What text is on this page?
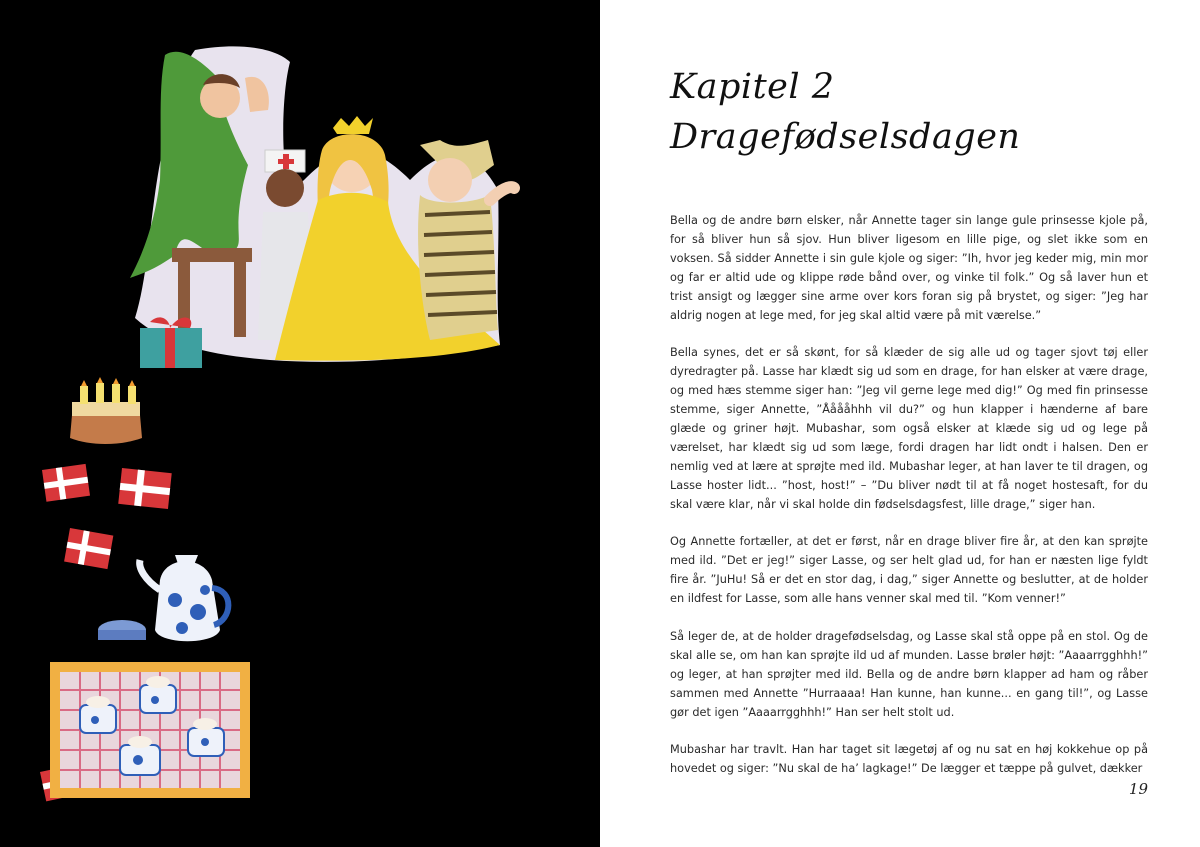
Kapitel 2
Dragefødselsdagen

Bella og de andre børn elsker, når Annette tager sin lange gule prinsesse kjole på, for så bliver hun så sjov. Hun bliver ligesom en lille pige, og slet ikke som en voksen. Så sidder Annette i sin gule kjole og siger: ”Ih, hvor jeg keder mig, min mor og far er altid ude og klippe røde bånd over, og vinke til folk.” Og så laver hun et trist ansigt og lægger sine arme over kors foran sig på brystet, og siger: ”Jeg har aldrig nogen at lege med, for jeg skal altid være på mit værelse.”

Bella synes, det er så skønt, for så klæder de sig alle ud og tager sjovt tøj eller dyredragter på. Lasse har klædt sig ud som en drage, for han elsker at være drage, og med hæs stemme siger han: ”Jeg vil gerne lege med dig!” Og med fin prinsesse stemme, siger Annette, ”Ååååhhh vil du?” og hun klapper i hænderne af bare glæde og griner højt. Mubashar, som også elsker at klæde sig ud og lege på værelset, har klædt sig ud som læge, fordi dragen har lidt ondt i halsen. Den er nemlig ved at lære at sprøjte med ild. Mubashar leger, at han laver te til dragen, og Lasse hoster lidt... ”host, host!” – ”Du bliver nødt til at få noget hostesaft, for du skal være klar, når vi skal holde din fødselsdagsfest, lille drage,” siger han.

Og Annette fortæller, at det er først, når en drage bliver fire år, at den kan sprøjte med ild. ”Det er jeg!” siger Lasse, og ser helt glad ud, for han er næsten lige fyldt fire år. ”JuHu! Så er det en stor dag, i dag,” siger Annette og beslutter, at de holder en ildfest for Lasse, som alle hans venner skal med til. ”Kom venner!”

Så leger de, at de holder dragefødselsdag, og Lasse skal stå oppe på en stol. Og de skal alle se, om han kan sprøjte ild ud af munden. Lasse brøler højt: ”Aaaarrgghhh!” og leger, at han sprøjter med ild. Bella og de andre børn klapper ad ham og råber sammen med Annette ”Hurraaaa! Han kunne, han kunne... en gang til!”, og Lasse gør det igen ”Aaaarrgghhh!” Han ser helt stolt ud.

Mubashar har travlt. Han har taget sit lægetøj af og nu sat en høj kokkehue op på hovedet og siger: ”Nu skal de ha’ lagkage!” De lægger et tæppe på gulvet, dækker

19
